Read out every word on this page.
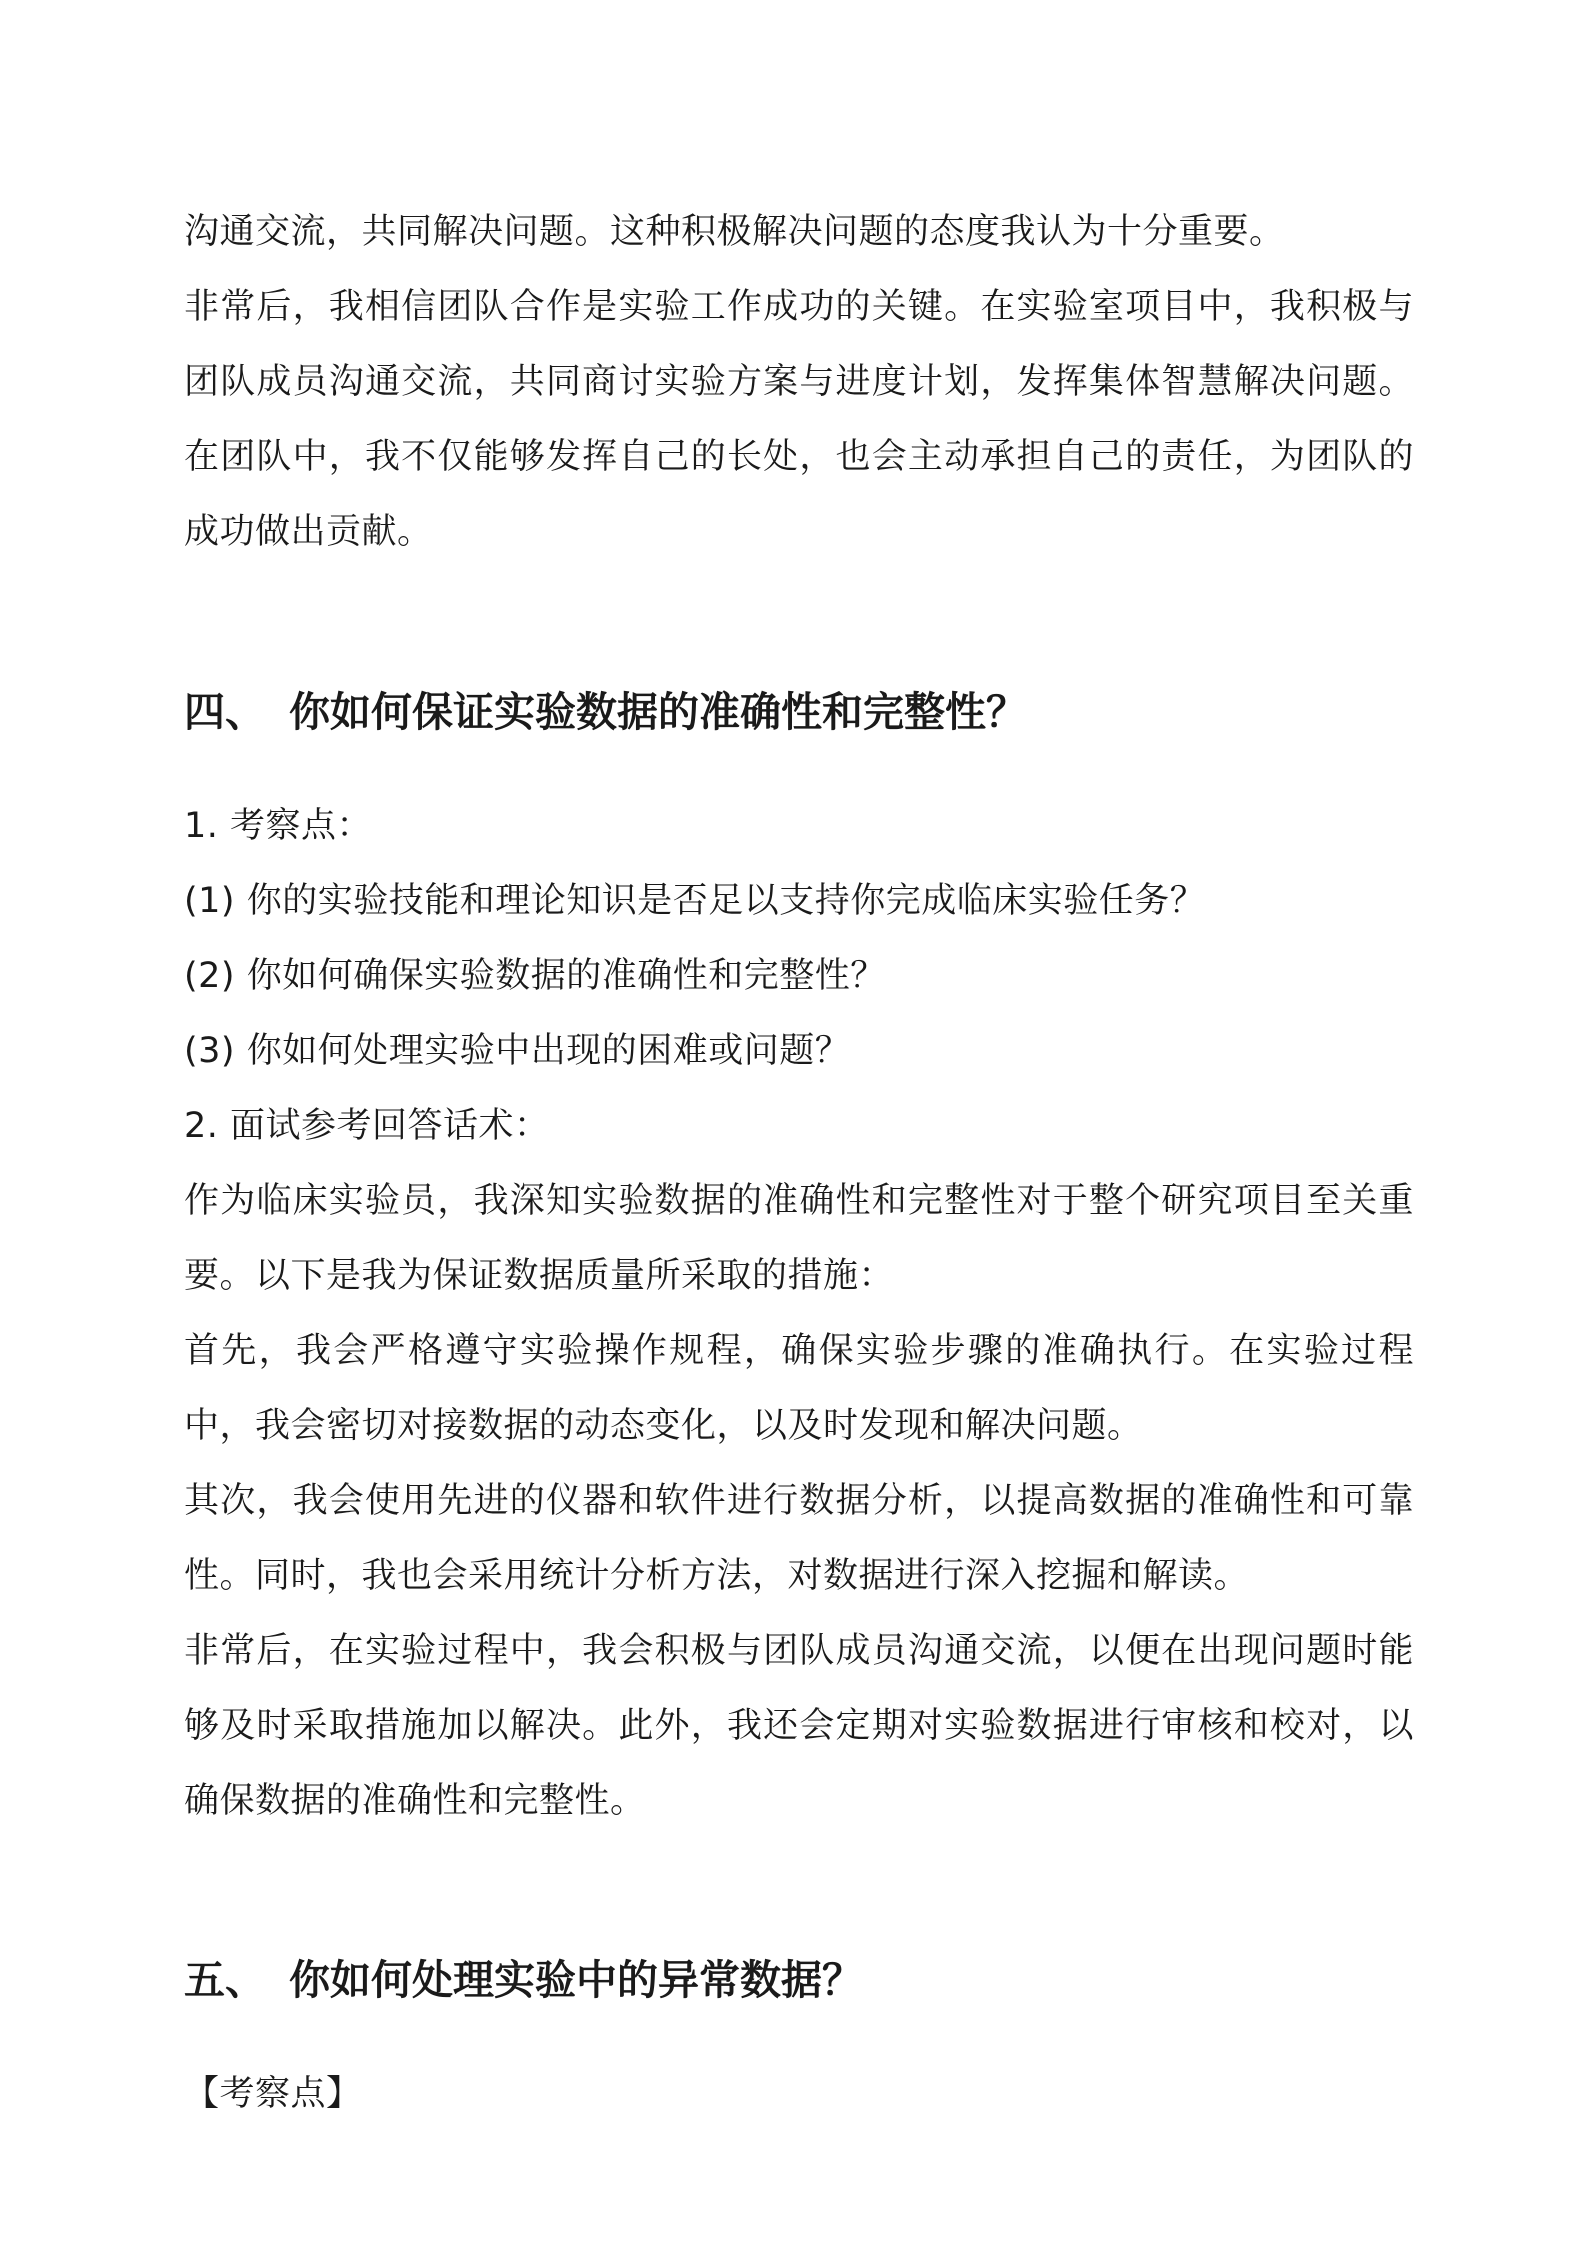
沟通交流，共同解决问题。这种积极解决问题的态度我认为十分重要。

非常后，我相信团队合作是实验工作成功的关键。在实验室项目中，我积极与团队成员沟通交流，共同商讨实验方案与进度计划，发挥集体智慧解决问题。在团队中，我不仅能够发挥自己的长处，也会主动承担自己的责任，为团队的成功做出贡献。

四、 你如何保证实验数据的准确性和完整性？

1. 考察点：

(1) 你的实验技能和理论知识是否足以支持你完成临床实验任务？

(2) 你如何确保实验数据的准确性和完整性？

(3) 你如何处理实验中出现的困难或问题？

2. 面试参考回答话术：

作为临床实验员，我深知实验数据的准确性和完整性对于整个研究项目至关重要。以下是我为保证数据质量所采取的措施：

首先，我会严格遵守实验操作规程，确保实验步骤的准确执行。在实验过程中，我会密切对接数据的动态变化，以及时发现和解决问题。

其次，我会使用先进的仪器和软件进行数据分析，以提高数据的准确性和可靠性。同时，我也会采用统计分析方法，对数据进行深入挖掘和解读。

非常后，在实验过程中，我会积极与团队成员沟通交流，以便在出现问题时能够及时采取措施加以解决。此外，我还会定期对实验数据进行审核和校对，以确保数据的准确性和完整性。

五、 你如何处理实验中的异常数据？

【考察点】
